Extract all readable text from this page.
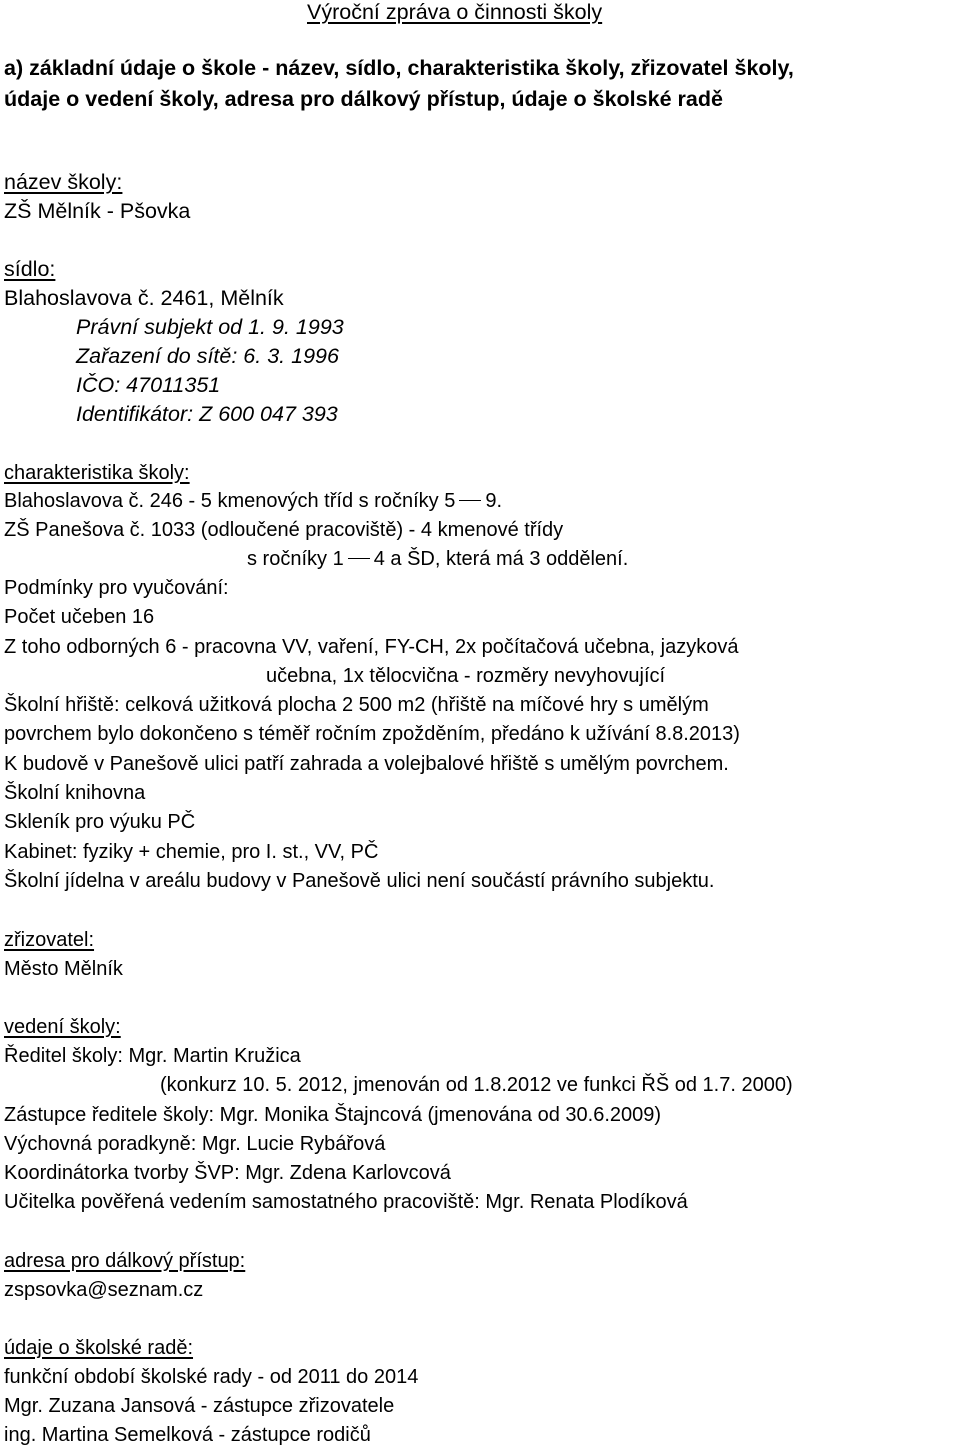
Výroční zpráva o činnosti školy
a) základní údaje o škole - název, sídlo, charakteristika školy, zřizovatel školy,
údaje o vedení školy, adresa pro dálkový přístup, údaje o školské radě
název školy:
ZŠ Mělník - Pšovka
sídlo:
Blahoslavova č. 2461, Mělník
Právní subjekt od 1. 9. 1993
Zařazení do sítě: 6. 3. 1996
IČO: 47011351
Identifikátor: Z 600 047 393
charakteristika školy:
Blahoslavova č. 246 - 5 kmenových tříd s ročníky 5 9.
ZŠ Panešova č. 1033 (odloučené pracoviště) - 4 kmenové třídy
s ročníky 1 4 a ŠD, která má 3 oddělení.
Podmínky pro vyučování:
Počet učeben 16
Z toho odborných 6 - pracovna VV, vaření, FY-CH, 2x počítačová učebna, jazyková
učebna, 1x tělocvična - rozměry nevyhovující
Školní hřiště: celková užitková plocha 2 500 m2 (hřiště na míčové hry s umělým
povrchem bylo dokončeno s téměř ročním zpožděním, předáno k užívání 8.8.2013)
K budově v Panešově ulici patří zahrada a volejbalové hřiště s umělým povrchem.
Školní knihovna
Skleník pro výuku PČ
Kabinet: fyziky + chemie, pro I. st., VV, PČ
Školní jídelna v areálu budovy v Panešově ulici není součástí právního subjektu.
zřizovatel:
Město Mělník
vedení školy:
Ředitel školy: Mgr. Martin Kružica
(konkurz 10. 5. 2012, jmenován od 1.8.2012 ve funkci ŘŠ od 1.7. 2000)
Zástupce ředitele školy: Mgr. Monika Štajncová (jmenována od 30.6.2009)
Výchovná poradkyně: Mgr. Lucie Rybářová
Koordinátorka tvorby ŠVP: Mgr. Zdena Karlovcová
Učitelka pověřená vedením samostatného pracoviště: Mgr. Renata Plodíková
adresa pro dálkový přístup:
zspsovka@seznam.cz
údaje o školské radě:
funkční období školské rady - od 2011 do 2014
Mgr. Zuzana Jansová - zástupce zřizovatele
ing. Martina Semelková - zástupce rodičů
